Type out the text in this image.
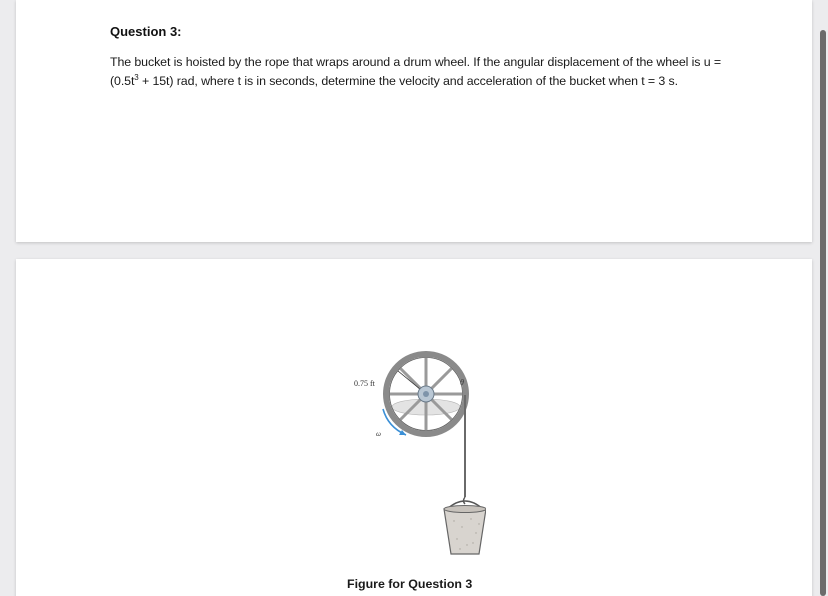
Question 3:

The bucket is hoisted by the rope that wraps around a drum wheel. If the angular displacement of the wheel is $u = (0.5t^3 + 15t)$ rad, where t is in seconds, determine the velocity and acceleration of the bucket when t = 3 s.

0.75 ft	θ
ω

Figure for Question 3
